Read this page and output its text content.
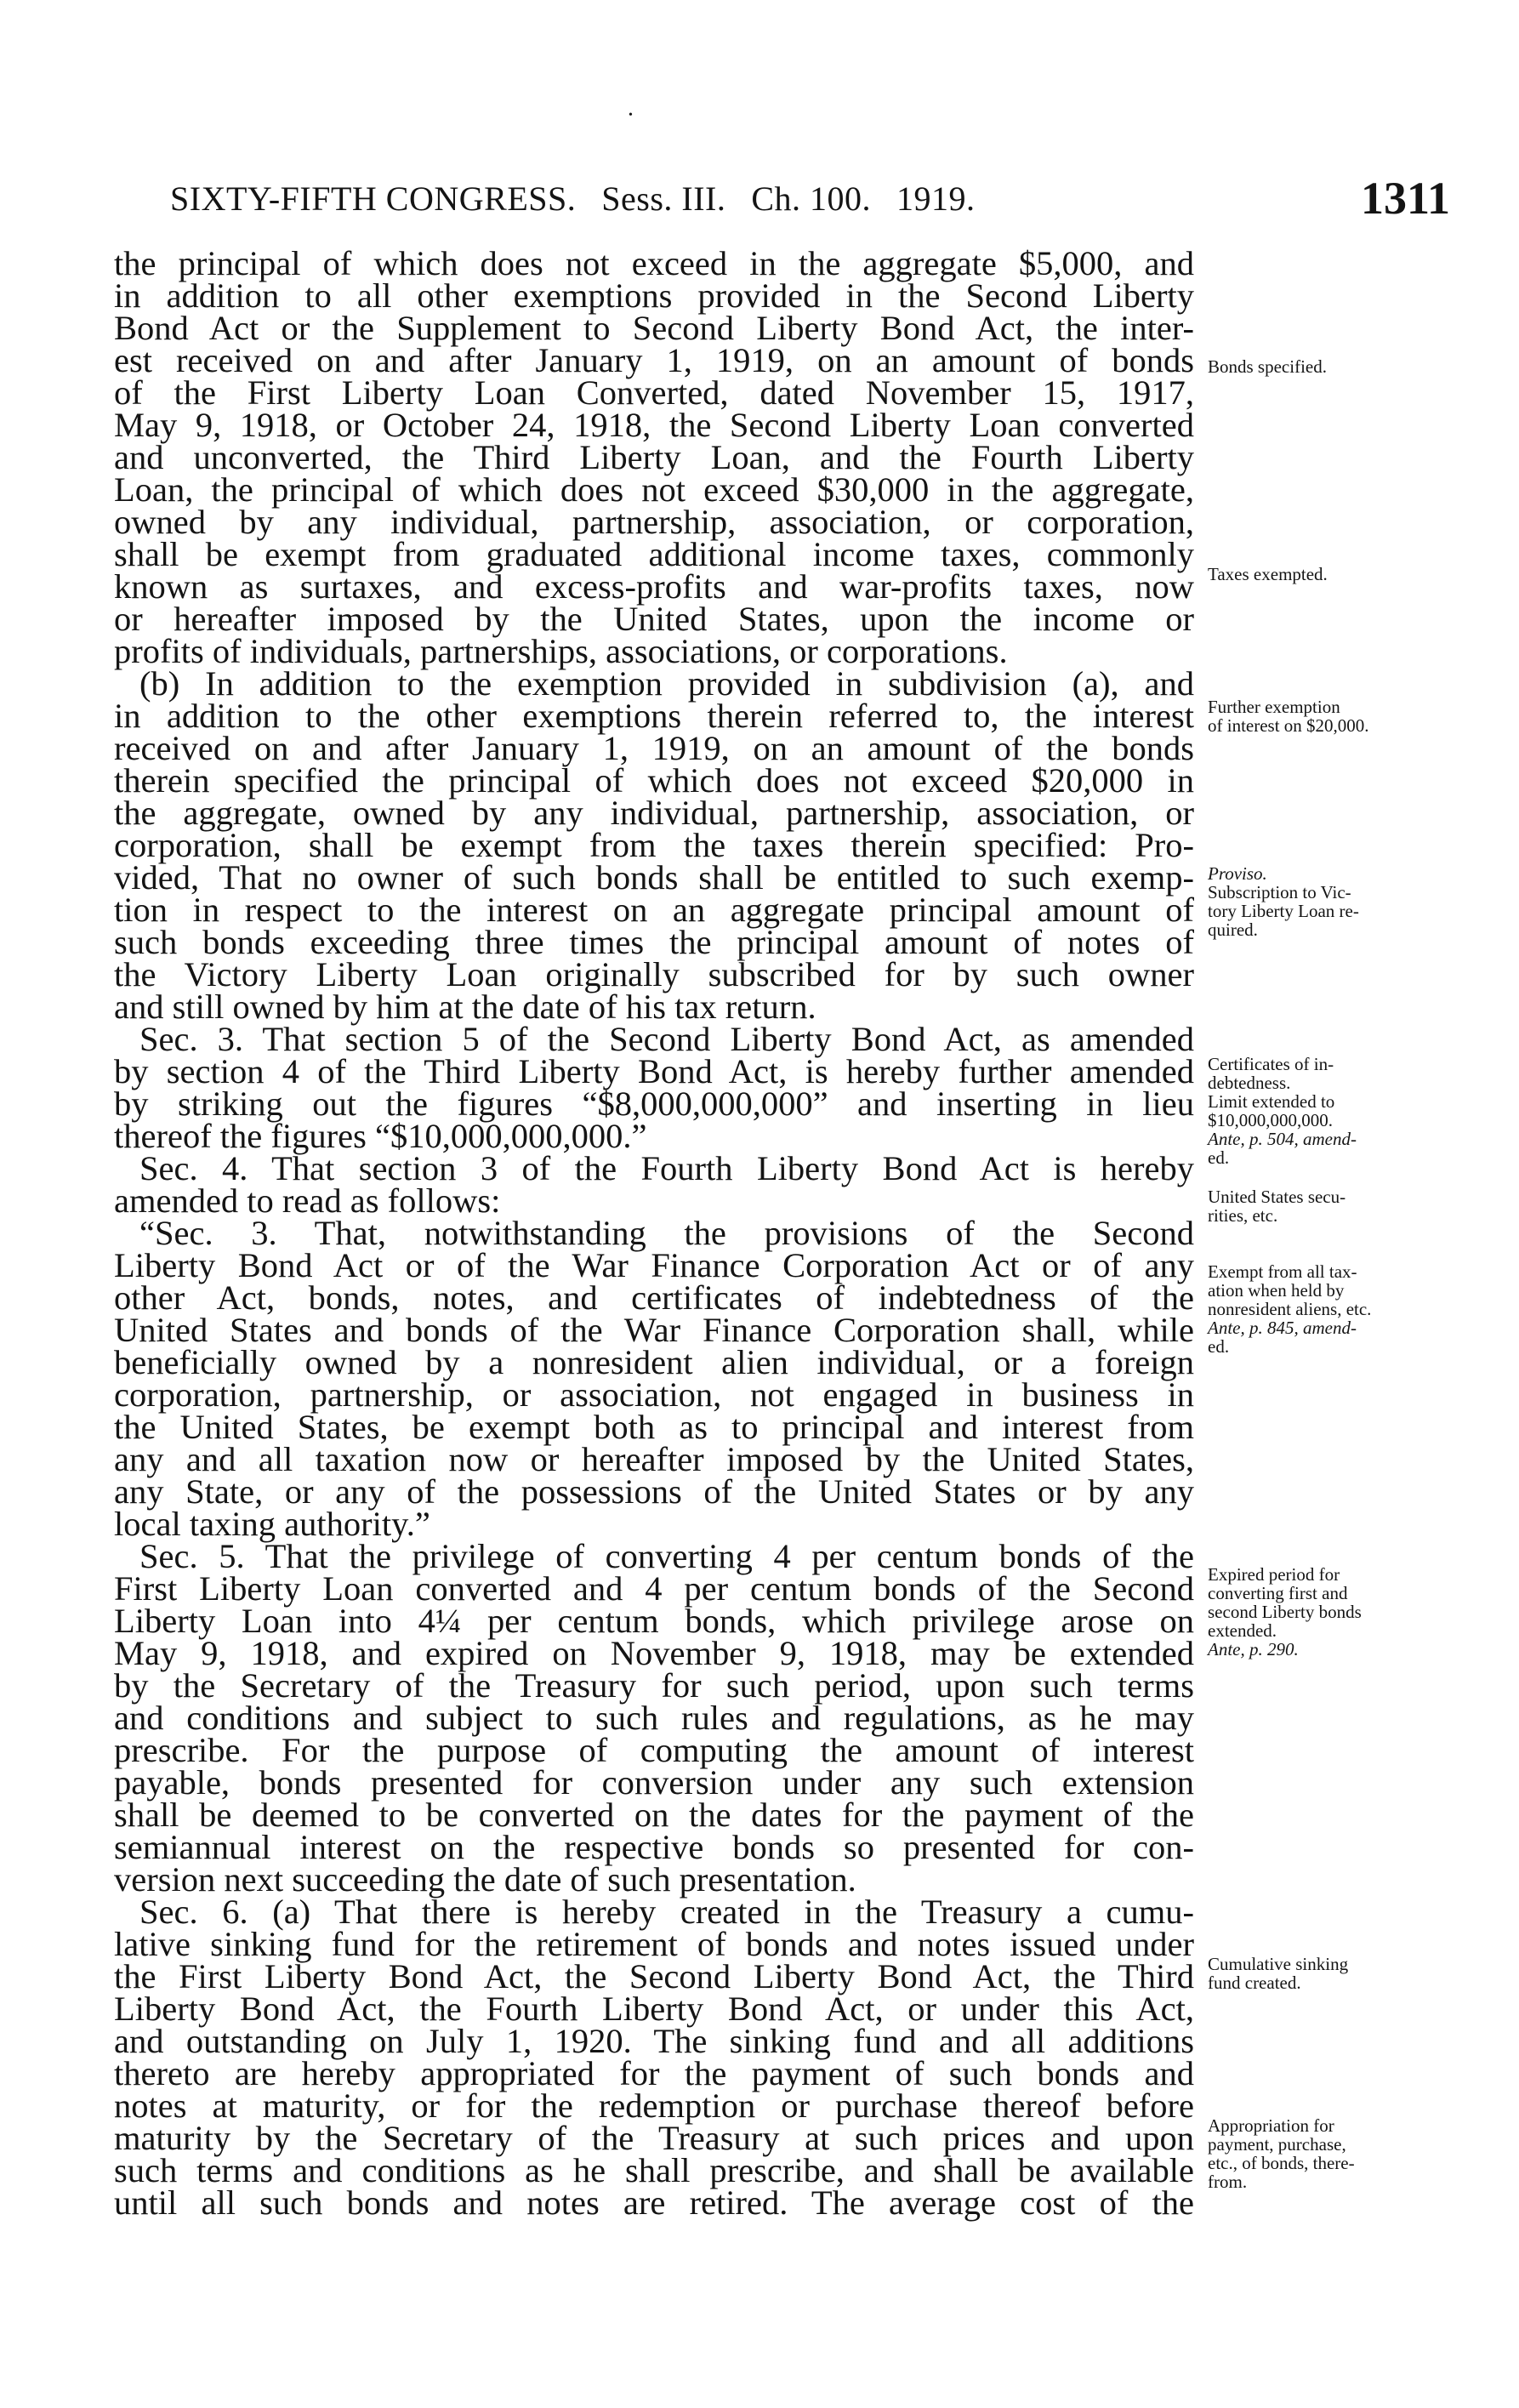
•
SIXTY-FIFTH CONGRESS. Sess. III. Ch. 100. 1919.	1311
the principal of which does not exceed in the aggregate $5,000, and
in addition to all other exemptions provided in the Second Liberty
Bond Act or the Supplement to Second Liberty Bond Act, the inter-
est received on and after January 1, 1919, on an amount of bonds
of the First Liberty Loan Converted, dated November 15, 1917,
May 9, 1918, or October 24, 1918, the Second Liberty Loan converted
and unconverted, the Third Liberty Loan, and the Fourth Liberty
Loan, the principal of which does not exceed $30,000 in the aggregate,
owned by any individual, partnership, association, or corporation,
shall be exempt from graduated additional income taxes, commonly
known as surtaxes, and excess-profits and war-profits taxes, now
or hereafter imposed by the United States, upon the income or
profits of individuals, partnerships, associations, or corporations.
(b) In addition to the exemption provided in subdivision (a), and
in addition to the other exemptions therein referred to, the interest
received on and after January 1, 1919, on an amount of the bonds
therein specified the principal of which does not exceed $20,000 in
the aggregate, owned by any individual, partnership, association, or
corporation, shall be exempt from the taxes therein specified: Pro-
vided, That no owner of such bonds shall be entitled to such exemp-
tion in respect to the interest on an aggregate principal amount of
such bonds exceeding three times the principal amount of notes of
the Victory Liberty Loan originally subscribed for by such owner
and still owned by him at the date of his tax return.
Sec. 3. That section 5 of the Second Liberty Bond Act, as amended
by section 4 of the Third Liberty Bond Act, is hereby further amended
by striking out the figures “$8,000,000,000” and inserting in lieu
thereof the figures “$10,000,000,000.”
Sec. 4. That section 3 of the Fourth Liberty Bond Act is hereby
amended to read as follows:
“Sec. 3. That, notwithstanding the provisions of the Second
Liberty Bond Act or of the War Finance Corporation Act or of any
other Act, bonds, notes, and certificates of indebtedness of the
United States and bonds of the War Finance Corporation shall, while
beneficially owned by a nonresident alien individual, or a foreign
corporation, partnership, or association, not engaged in business in
the United States, be exempt both as to principal and interest from
any and all taxation now or hereafter imposed by the United States,
any State, or any of the possessions of the United States or by any
local taxing authority.”
Sec. 5. That the privilege of converting 4 per centum bonds of the
First Liberty Loan converted and 4 per centum bonds of the Second
Liberty Loan into 4¼ per centum bonds, which privilege arose on
May 9, 1918, and expired on November 9, 1918, may be extended
by the Secretary of the Treasury for such period, upon such terms
and conditions and subject to such rules and regulations, as he may
prescribe. For the purpose of computing the amount of interest
payable, bonds presented for conversion under any such extension
shall be deemed to be converted on the dates for the payment of the
semiannual interest on the respective bonds so presented for con-
version next succeeding the date of such presentation.
Sec. 6. (a) That there is hereby created in the Treasury a cumu-
lative sinking fund for the retirement of bonds and notes issued under
the First Liberty Bond Act, the Second Liberty Bond Act, the Third
Liberty Bond Act, the Fourth Liberty Bond Act, or under this Act,
and outstanding on July 1, 1920. The sinking fund and all additions
thereto are hereby appropriated for the payment of such bonds and
notes at maturity, or for the redemption or purchase thereof before
maturity by the Secretary of the Treasury at such prices and upon
such terms and conditions as he shall prescribe, and shall be available
until all such bonds and notes are retired. The average cost of the
Bonds specified.
Taxes exempted.
Further exemption
of interest on $20,000.
Proviso.
Subscription to Vic-
tory Liberty Loan re-
quired.
Certificates of in-
debtedness.
Limit extended to
$10,000,000,000.
Ante, p. 504, amend-
ed.
United States secu-
rities, etc.
Exempt from all tax-
ation when held by
nonresident aliens, etc.
Ante, p. 845, amend-
ed.
Expired period for
converting first and
second Liberty bonds
extended.
Ante, p. 290.
Cumulative sinking
fund created.
Appropriation for
payment, purchase,
etc., of bonds, there-
from.
